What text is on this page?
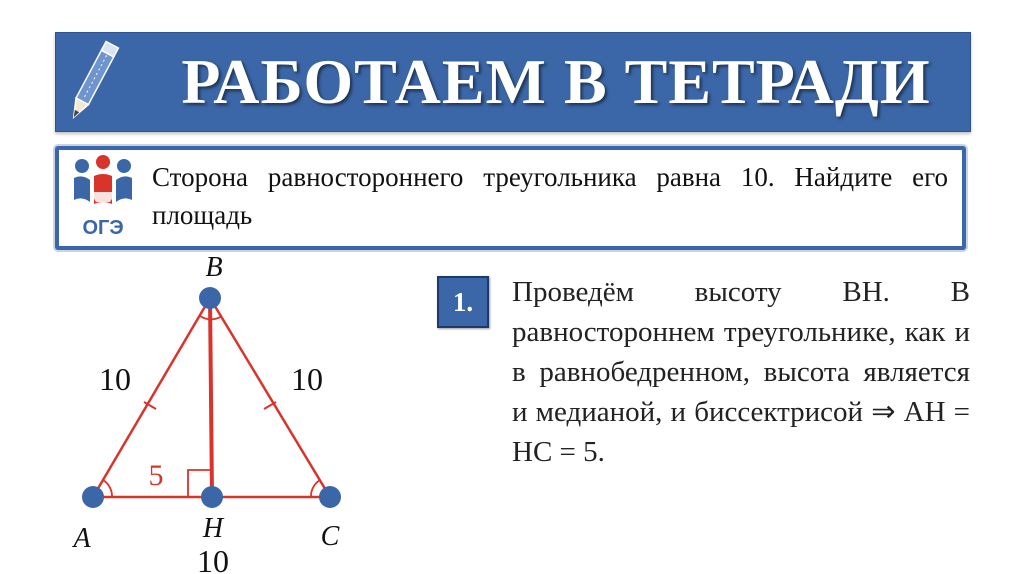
РАБОТАЕМ В ТЕТРАДИ
ОГЭ
Сторона равностороннего треугольника равна 10. Найдите его площадь
1.	Проведём высоту BH. В равностороннем треугольнике, как и в равнобедренном, высота является и медианой, и биссектрисой ⇒ AH = HC = 5.
B
A	C
H
10	10
10
5
